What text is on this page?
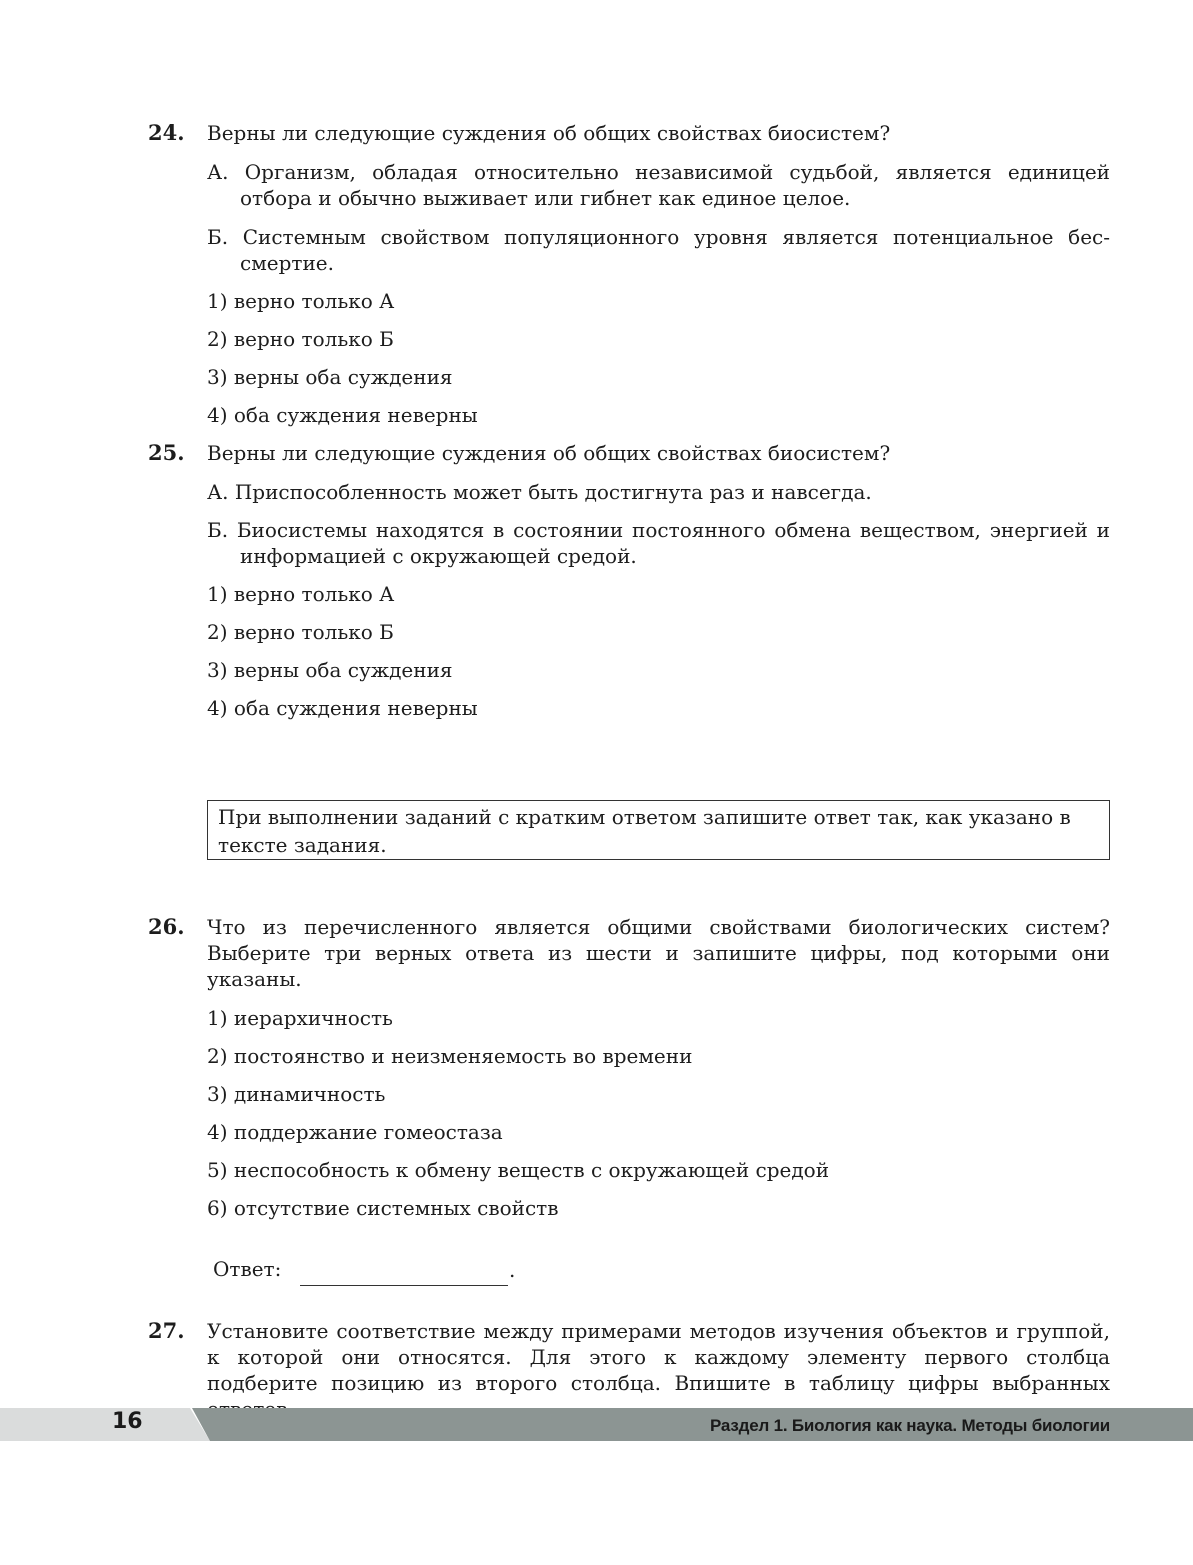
24. Верны ли следующие суждения об общих свойствах биосистем?
А. Организм, обладая относительно независимой судьбой, является единицей отбора и обычно выживает или гибнет как единое целое.
Б. Системным свойством популяционного уровня является потенциальное бессмертие.
1) верно только А
2) верно только Б
3) верны оба суждения
4) оба суждения неверны
25. Верны ли следующие суждения об общих свойствах биосистем?
А. Приспособленность может быть достигнута раз и навсегда.
Б. Биосистемы находятся в состоянии постоянного обмена веществом, энергией и информацией с окружающей средой.
1) верно только А
2) верно только Б
3) верны оба суждения
4) оба суждения неверны
При выполнении заданий с кратким ответом запишите ответ так, как указано в тексте задания.
26. Что из перечисленного является общими свойствами биологических систем? Выберите три верных ответа из шести и запишите цифры, под которыми они указаны.
1) иерархичность
2) постоянство и неизменяемость во времени
3) динамичность
4) поддержание гомеостаза
5) неспособность к обмену веществ с окружающей средой
6) отсутствие системных свойств
Ответ:	.
27. Установите соответствие между примерами методов изучения объектов и группой, к которой они относятся. Для этого к каждому элементу первого столбца подберите позицию из второго столбца. Впишите в таблицу цифры выбранных
16	Раздел 1. Биология как наука. Методы биологии
